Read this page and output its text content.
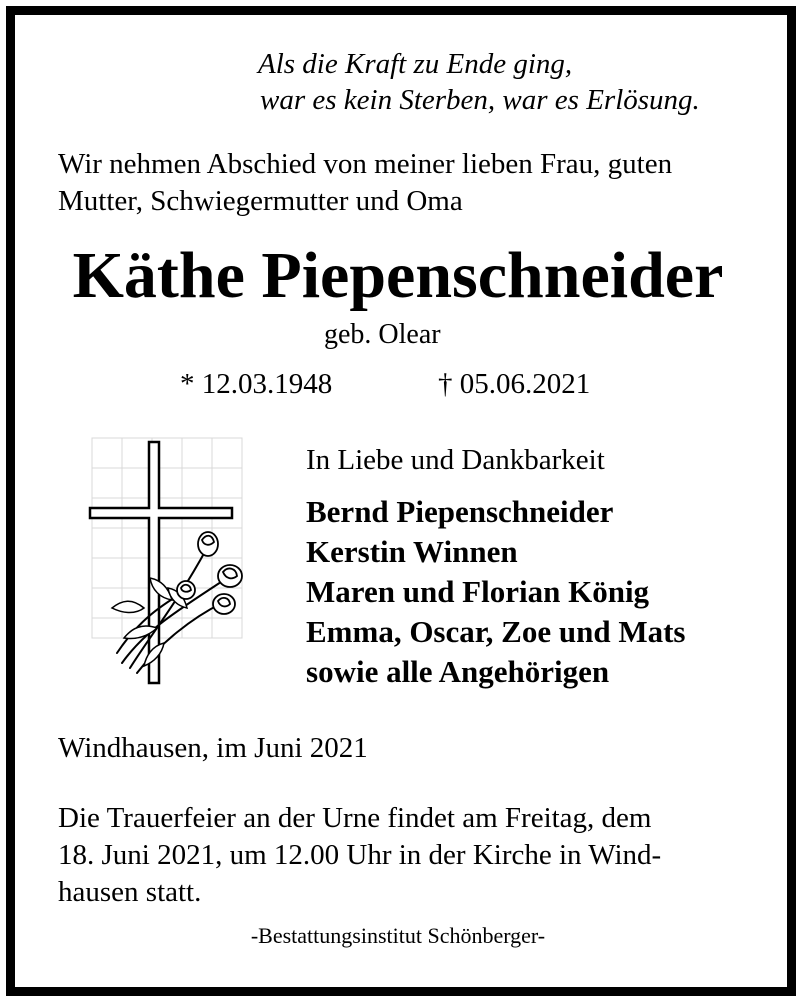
Als die Kraft zu Ende ging,
war es kein Sterben, war es Erlösung.
Wir nehmen Abschied von meiner lieben Frau, guten
Mutter, Schwiegermutter und Oma
Käthe Piepenschneider
geb. Olear
* 12.03.1948	† 05.06.2021
In Liebe und Dankbarkeit
Bernd Piepenschneider
Kerstin Winnen
Maren und Florian König
Emma, Oscar, Zoe und Mats
sowie alle Angehörigen
Windhausen, im Juni 2021
Die Trauerfeier an der Urne findet am Freitag, dem
18. Juni 2021, um 12.00 Uhr in der Kirche in Wind-
hausen statt.
-Bestattungsinstitut Schönberger-
